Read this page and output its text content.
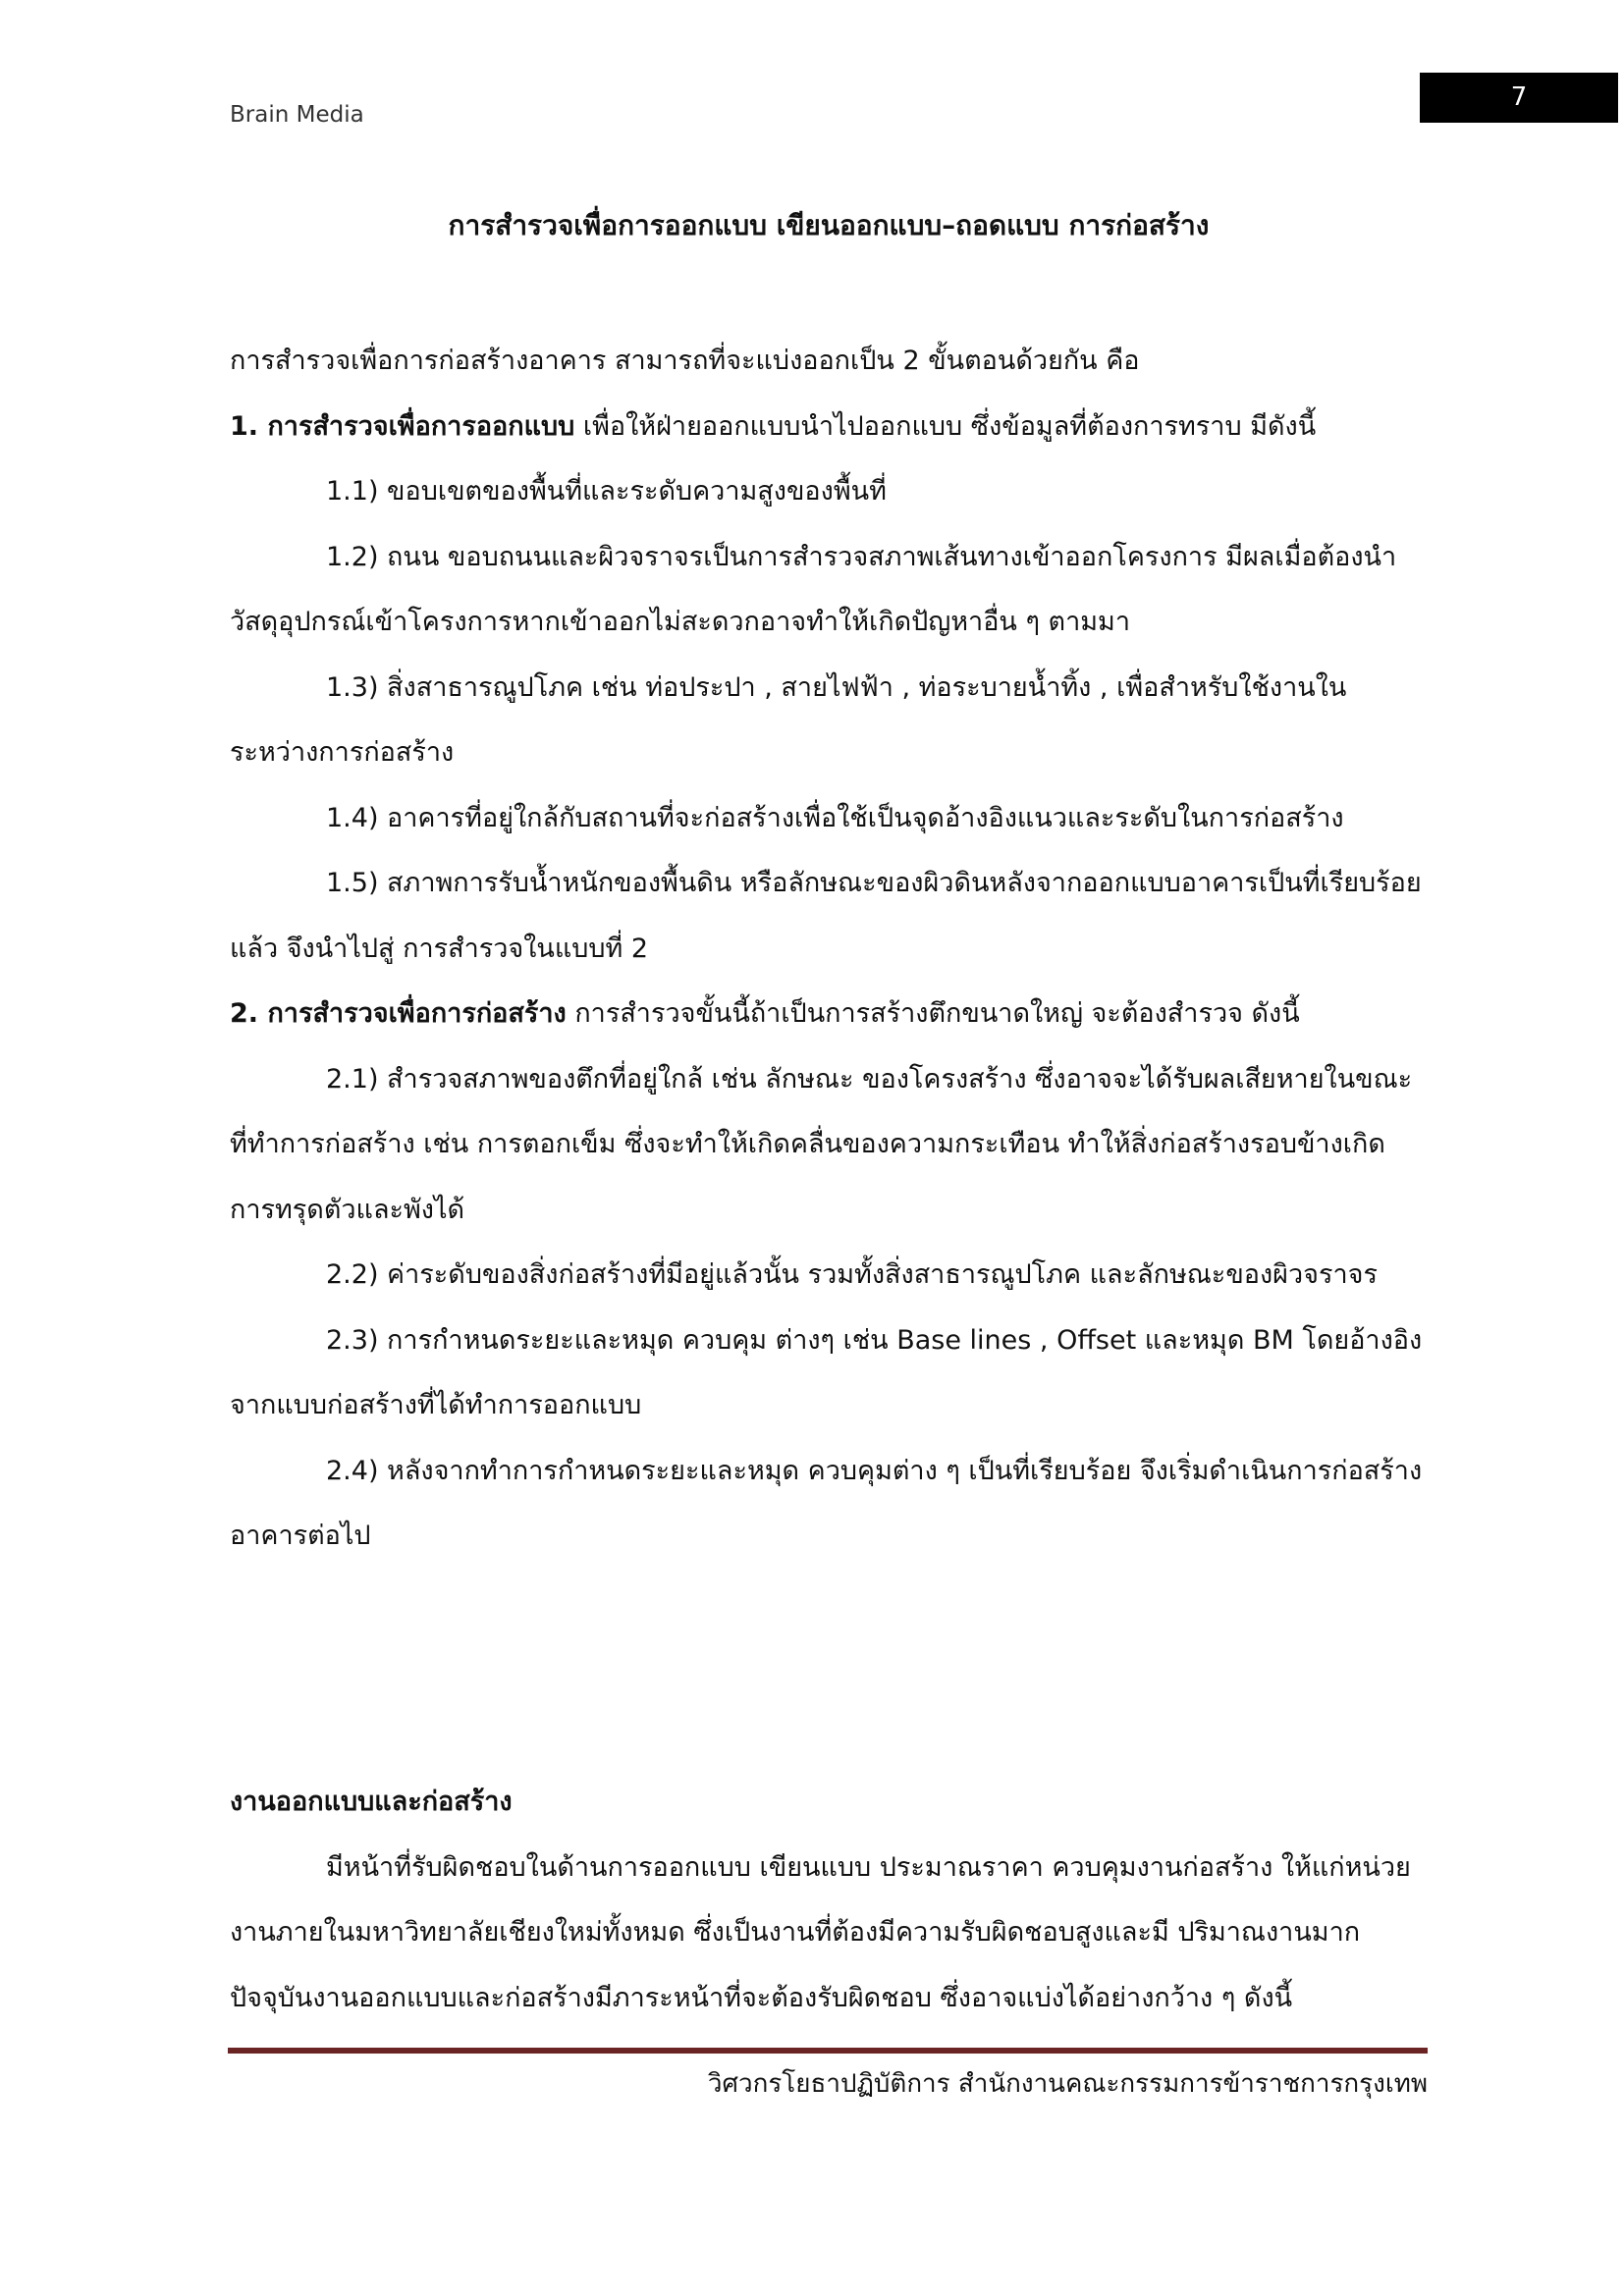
Brain Media
7
การสำรวจเพื่อการออกแบบ เขียนออกแบบ–ถอดแบบ การก่อสร้าง

การสำรวจเพื่อการก่อสร้างอาคาร สามารถที่จะแบ่งออกเป็น 2 ขั้นตอนด้วยกัน คือ

1. การสำรวจเพื่อการออกแบบ เพื่อให้ฝ่ายออกแบบนำไปออกแบบ ซึ่งข้อมูลที่ต้องการทราบ มีดังนี้

1.1) ขอบเขตของพื้นที่และระดับความสูงของพื้นที่

1.2) ถนน ขอบถนนและผิวจราจรเป็นการสำรวจสภาพเส้นทางเข้าออกโครงการ มีผลเมื่อต้องนำวัสดุอุปกรณ์เข้าโครงการหากเข้าออกไม่สะดวกอาจทำให้เกิดปัญหาอื่น ๆ ตามมา

1.3) สิ่งสาธารณูปโภค เช่น ท่อประปา , สายไฟฟ้า , ท่อระบายน้ำทิ้ง , เพื่อสำหรับใช้งานในระหว่างการก่อสร้าง

1.4) อาคารที่อยู่ใกล้กับสถานที่จะก่อสร้างเพื่อใช้เป็นจุดอ้างอิงแนวและระดับในการก่อสร้าง

1.5) สภาพการรับน้ำหนักของพื้นดิน หรือลักษณะของผิวดินหลังจากออกแบบอาคารเป็นที่เรียบร้อยแล้ว จึงนำไปสู่ การสำรวจในแบบที่ 2

2. การสำรวจเพื่อการก่อสร้าง การสำรวจขั้นนี้ถ้าเป็นการสร้างตึกขนาดใหญ่ จะต้องสำรวจ ดังนี้

2.1) สำรวจสภาพของตึกที่อยู่ใกล้ เช่น ลักษณะ ของโครงสร้าง ซึ่งอาจจะได้รับผลเสียหายในขณะที่ทำการก่อสร้าง เช่น การตอกเข็ม ซึ่งจะทำให้เกิดคลื่นของความกระเทือน ทำให้สิ่งก่อสร้างรอบข้างเกิดการทรุดตัวและพังได้

2.2) ค่าระดับของสิ่งก่อสร้างที่มีอยู่แล้วนั้น รวมทั้งสิ่งสาธารณูปโภค และลักษณะของผิวจราจร

2.3) การกำหนดระยะและหมุด ควบคุม ต่างๆ เช่น Base lines , Offset และหมุด BM โดยอ้างอิงจากแบบก่อสร้างที่ได้ทำการออกแบบ

2.4) หลังจากทำการกำหนดระยะและหมุด ควบคุมต่าง ๆ เป็นที่เรียบร้อย จึงเริ่มดำเนินการก่อสร้างอาคารต่อไป

งานออกแบบและก่อสร้าง

มีหน้าที่รับผิดชอบในด้านการออกแบบ เขียนแบบ ประมาณราคา ควบคุมงานก่อสร้าง ให้แก่หน่วยงานภายในมหาวิทยาลัยเชียงใหม่ทั้งหมด ซึ่งเป็นงานที่ต้องมีความรับผิดชอบสูงและมี ปริมาณงานมาก ปัจจุบันงานออกแบบและก่อสร้างมีภาระหน้าที่จะต้องรับผิดชอบ ซึ่งอาจแบ่งได้อย่างกว้าง ๆ ดังนี้

วิศวกรโยธาปฏิบัติการ สำนักงานคณะกรรมการข้าราชการกรุงเทพ
